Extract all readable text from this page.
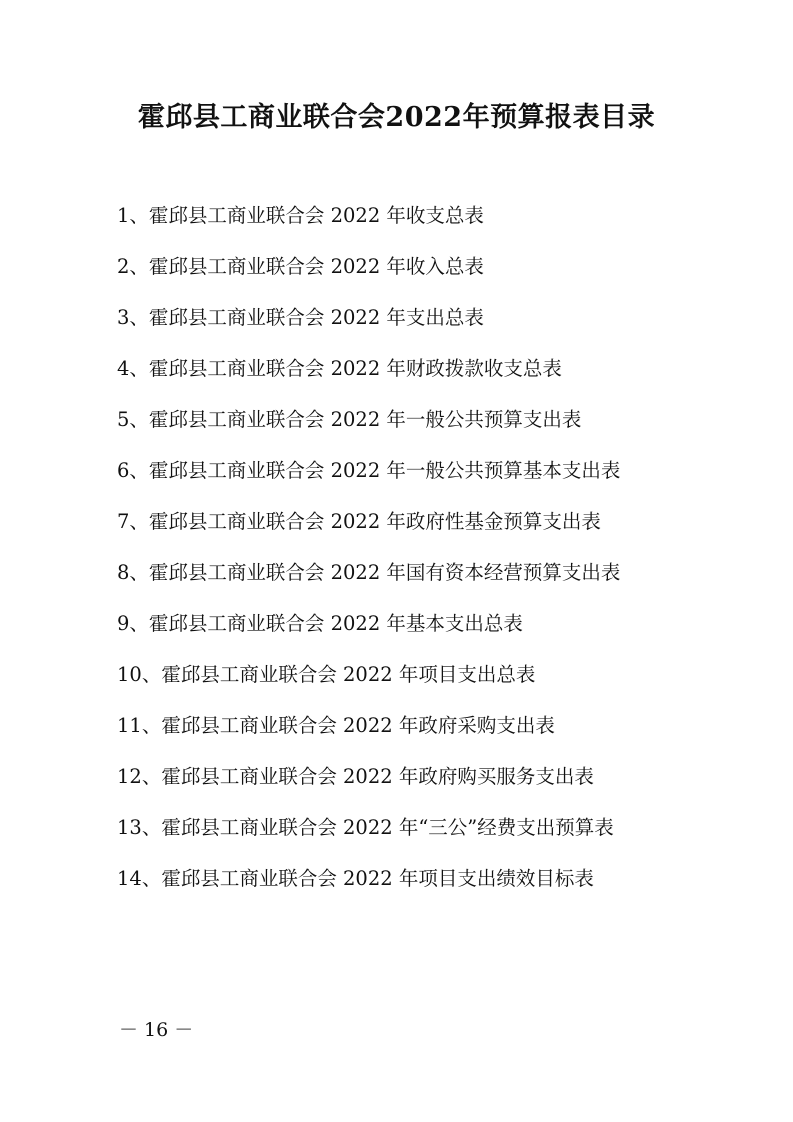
霍邱县工商业联合会2022年预算报表目录
1、霍邱县工商业联合会 2022 年收支总表
2、霍邱县工商业联合会 2022 年收入总表
3、霍邱县工商业联合会 2022 年支出总表
4、霍邱县工商业联合会 2022 年财政拨款收支总表
5、霍邱县工商业联合会 2022 年一般公共预算支出表
6、霍邱县工商业联合会 2022 年一般公共预算基本支出表
7、霍邱县工商业联合会 2022 年政府性基金预算支出表
8、霍邱县工商业联合会 2022 年国有资本经营预算支出表
9、霍邱县工商业联合会 2022 年基本支出总表
10、霍邱县工商业联合会 2022 年项目支出总表
11、霍邱县工商业联合会 2022 年政府采购支出表
12、霍邱县工商业联合会 2022 年政府购买服务支出表
13、霍邱县工商业联合会 2022 年“三公”经费支出预算表
14、霍邱县工商业联合会 2022 年项目支出绩效目标表
－ 16 －
